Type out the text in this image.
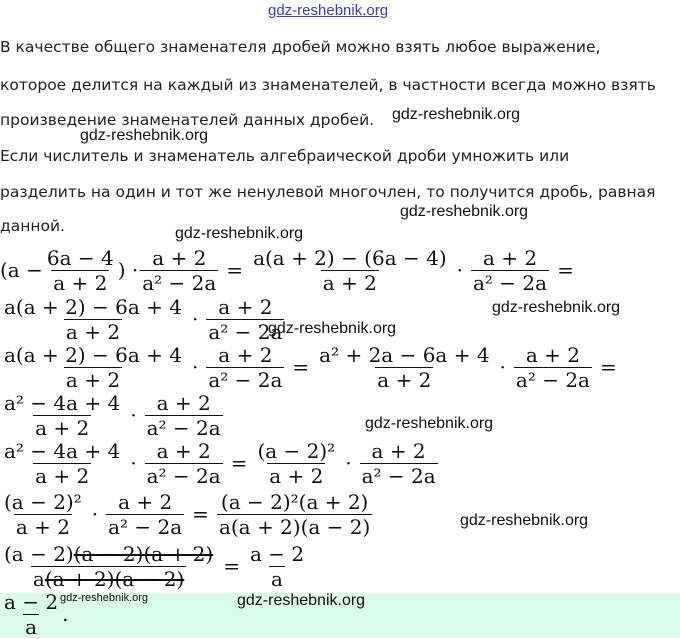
gdz-reshebnik.org
gdz-reshebnik.org
gdz-reshebnik.org
gdz-reshebnik.org
gdz-reshebnik.org
gdz-reshebnik.org
gdz-reshebnik.org
gdz-reshebnik.org
gdz-reshebnik.org
gdz-reshebnik.org
gdz-reshebnik.org
В качестве общего знаменателя дробей можно взять любое выражение,
которое делится на каждый из знаменателей, в частности всегда можно взять
произведение знаменателей данных дробей.
Если числитель и знаменатель алгебраической дроби умножить или
разделить на один и тот же ненулевой многочлен, то получится дробь, равная
данной.
($a - \frac{6a - 4}{a + 2}$ ) · $\frac{a + 2}{\text{a² − 2a}} = \frac{a(a + 2) - (6a - 4)}{a + 2} \cdot \frac{a + 2}{\text{a² − 2a}}$ =
$\frac{a(a + 2) - 6a + 4}{a + 2} \cdot \frac{a + 2}{\text{a² − 2a}}$
$\frac{a(a + 2) - 6a + 4}{a + 2} \cdot \frac{a + 2}{\text{a² − 2a}} = \frac{\text{a² + 2a − 6a + 4}}{a + 2} \cdot \frac{a + 2}{\text{a² − 2a}}$ =
$\frac{\text{a² − 4a + 4}}{a + 2} \cdot \frac{a + 2}{\text{a² − 2a}}$
$\frac{\text{a² − 4a + 4}}{a + 2} \cdot \frac{a + 2}{\text{a² − 2a}} = \frac{\text{(a − 2)²}}{a + 2} \cdot \frac{a + 2}{\text{a² − 2a}}$
$\frac{\text{(a − 2)²}}{a + 2} \cdot \frac{a + 2}{\text{a² − 2a}} = \frac{\text{(a − 2)²(a + 2)}}{a(a + 2)(a - 2)}$
$\frac{(a - 2)(a - 2)(a + 2)}{a(a + 2)(a - 2)} = \frac{a - 2}{a}$
$\frac{a - 2}{a}$ .
